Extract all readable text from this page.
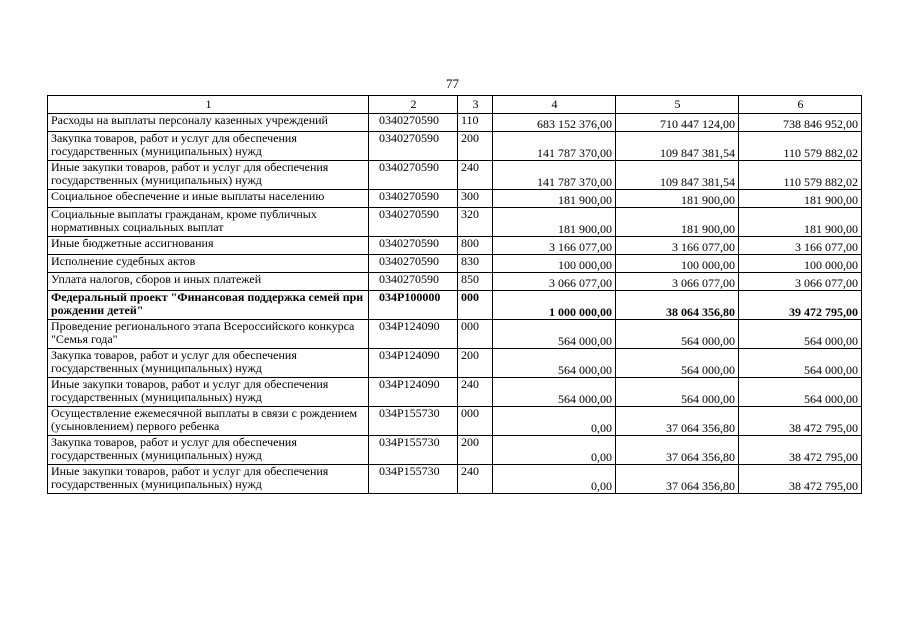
77
1	2	3	4	5	6
Расходы на выплаты персоналу казенных учреждений	0340270590	110	683 152 376,00	710 447 124,00	738 846 952,00
Закупка товаров, работ и услуг для обеспечения государственных (муниципальных) нужд	0340270590	200	141 787 370,00	109 847 381,54	110 579 882,02
Иные закупки товаров, работ и услуг для обеспечения государственных (муниципальных) нужд	0340270590	240	141 787 370,00	109 847 381,54	110 579 882,02
Социальное обеспечение и иные выплаты населению	0340270590	300	181 900,00	181 900,00	181 900,00
Социальные выплаты гражданам, кроме публичных нормативных социальных выплат	0340270590	320	181 900,00	181 900,00	181 900,00
Иные бюджетные ассигнования	0340270590	800	3 166 077,00	3 166 077,00	3 166 077,00
Исполнение судебных актов	0340270590	830	100 000,00	100 000,00	100 000,00
Уплата налогов, сборов и иных платежей	0340270590	850	3 066 077,00	3 066 077,00	3 066 077,00
Федеральный проект "Финансовая поддержка семей при рождении детей"	034P100000	000	1 000 000,00	38 064 356,80	39 472 795,00
Проведение регионального этапа Всероссийского конкурса "Семья года"	034P124090	000	564 000,00	564 000,00	564 000,00
Закупка товаров, работ и услуг для обеспечения государственных (муниципальных) нужд	034P124090	200	564 000,00	564 000,00	564 000,00
Иные закупки товаров, работ и услуг для обеспечения государственных (муниципальных) нужд	034P124090	240	564 000,00	564 000,00	564 000,00
Осуществление ежемесячной выплаты в связи с рождением (усыновлением) первого ребенка	034P155730	000	0,00	37 064 356,80	38 472 795,00
Закупка товаров, работ и услуг для обеспечения государственных (муниципальных) нужд	034P155730	200	0,00	37 064 356,80	38 472 795,00
Иные закупки товаров, работ и услуг для обеспечения государственных (муниципальных) нужд	034P155730	240	0,00	37 064 356,80	38 472 795,00
